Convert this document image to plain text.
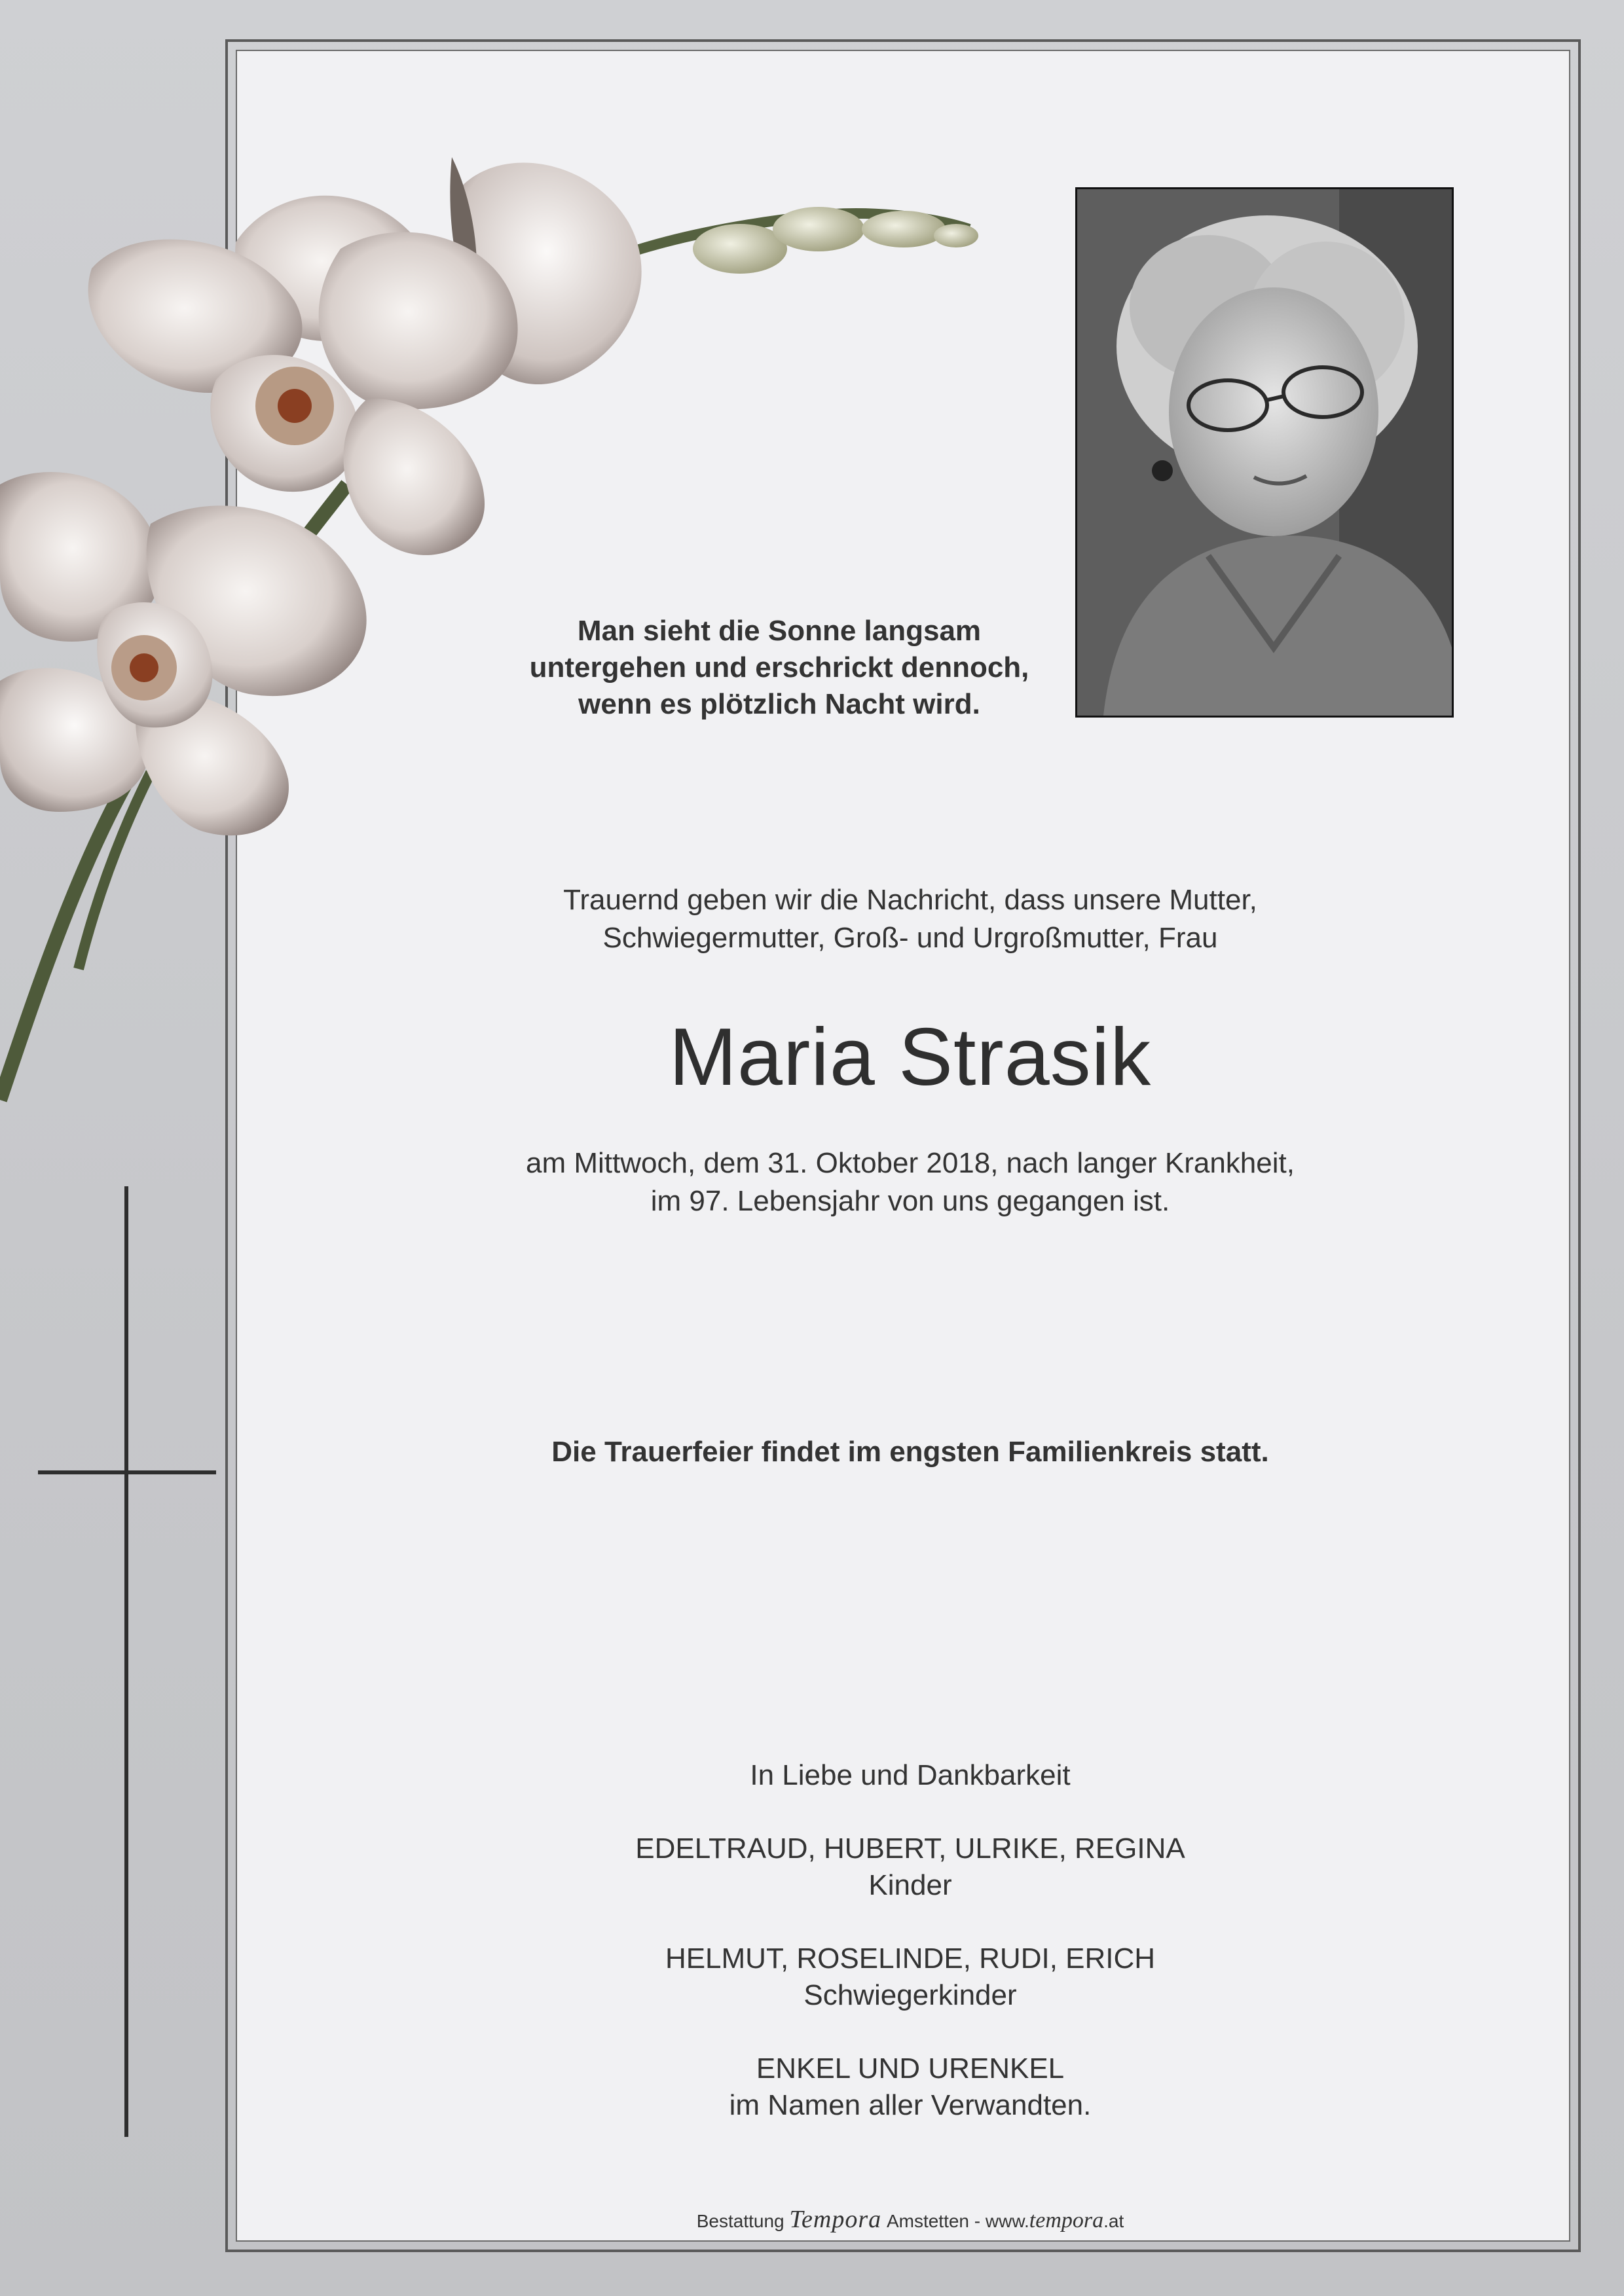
Man sieht die Sonne langsam
untergehen und erschrickt dennoch,
wenn es plötzlich Nacht wird.
Trauernd geben wir die Nachricht, dass unsere Mutter,
Schwiegermutter, Groß- und Urgroßmutter, Frau
Maria Strasik
am Mittwoch, dem 31. Oktober 2018, nach langer Krankheit,
im 97. Lebensjahr von uns gegangen ist.
Die Trauerfeier findet im engsten Familienkreis statt.
In Liebe und Dankbarkeit
EDELTRAUD, HUBERT, ULRIKE, REGINA
Kinder
HELMUT, ROSELINDE, RUDI, ERICH
Schwiegerkinder
ENKEL UND URENKEL
im Namen aller Verwandten.
Bestattung Tempora Amstetten - www.tempora.at
